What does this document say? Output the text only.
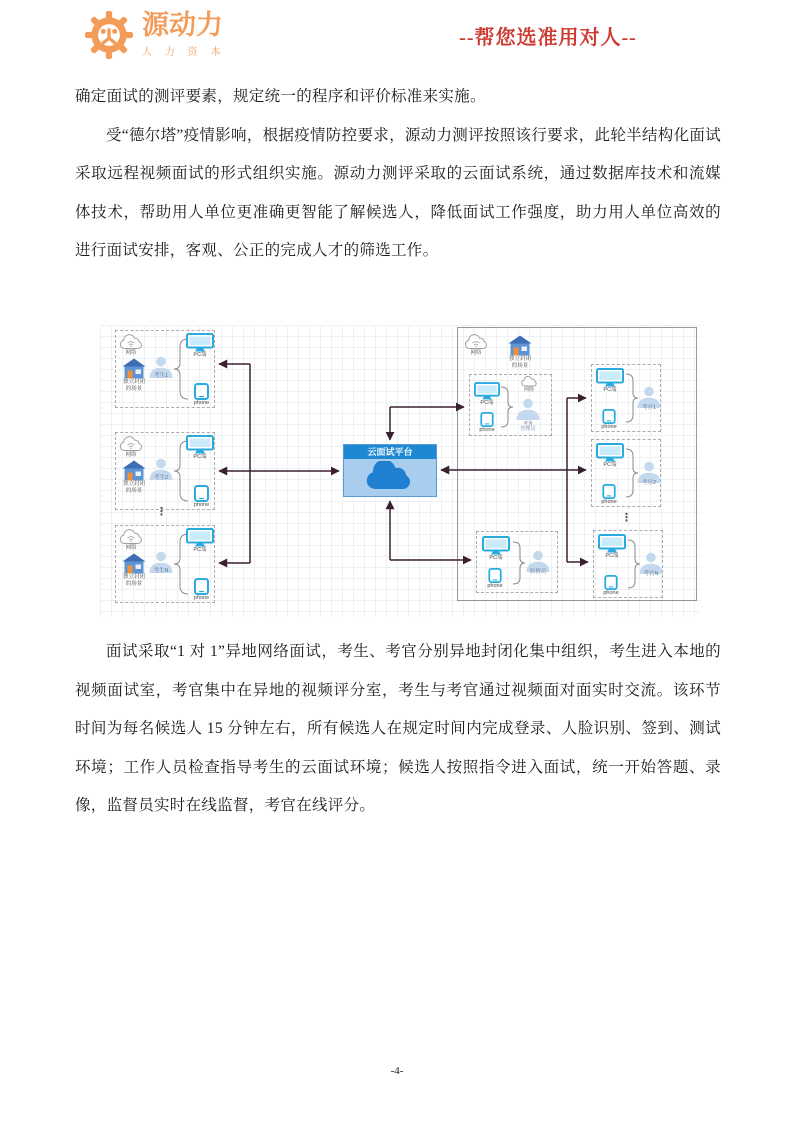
源动力
人 力 资 本
--帮您选准用对人--

确定面试的测评要素，规定统一的程序和评价标准来实施。

受“德尔塔”疫情影响，根据疫情防控要求，源动力测评按照该行要求，此轮半结构化面试采取远程视频面试的形式组织实施。源动力测评采取的云面试系统，通过数据库技术和流媒体技术，帮助用人单位更准确更智能了解候选人，降低面试工作强度，助力用人单位高效的进行面试安排，客观、公正的完成人才的筛选工作。

网络
独立封闭
的场景
考生1
PC端
phone
网络
独立封闭
的场景
考生2
PC端
phone
⋮
网络
独立封闭
的场景
考生N
PC端
phone
云面试平台
网络
独立封闭
的场景
PC端
phone
网络
考务
管理员
PC端
phone
考官1
PC端
phone
考官2
⋮
PC端
phone
考官N
PC端
phone
监督员

面试采取“1 对 1”异地网络面试，考生、考官分别异地封闭化集中组织，考生进入本地的视频面试室，考官集中在异地的视频评分室，考生与考官通过视频面对面实时交流。该环节时间为每名候选人 15 分钟左右，所有候选人在规定时间内完成登录、人脸识别、签到、测试环境；工作人员检查指导考生的云面试环境；候选人按照指令进入面试，统一开始答题、录像，监督员实时在线监督，考官在线评分。

-4-
